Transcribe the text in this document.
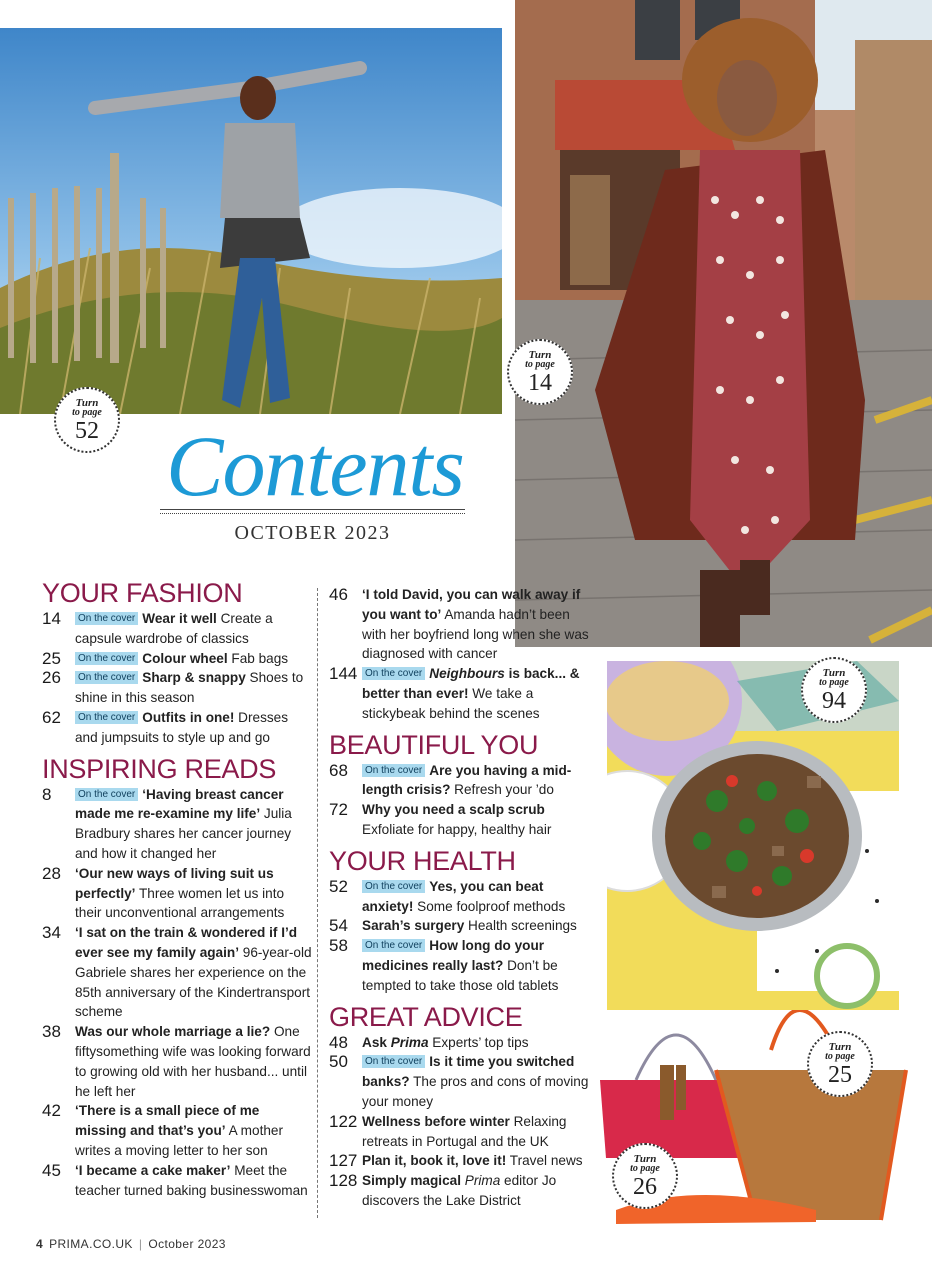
Turn
to page
52
Turn
to page
14
Turn
to page
94
Turn
to page
25
Turn
to page
26
Contents
OCTOBER 2023
YOUR FASHION
14	On the cover Wear it well Create a capsule wardrobe of classics
25	On the cover Colour wheel Fab bags
26	On the cover Sharp & snappy Shoes to shine in this season
62	On the cover Outfits in one! Dresses and jumpsuits to style up and go
INSPIRING READS
8	On the cover ‘Having breast cancer made me re-examine my life’ Julia Bradbury shares her cancer journey and how it changed her
28	‘Our new ways of living suit us perfectly’ Three women let us into their unconventional arrangements
34	‘I sat on the train & wondered if I’d ever see my family again’ 96-year-old Gabriele shares her experience on the 85th anniversary of the Kindertransport scheme
38	Was our whole marriage a lie? One fiftysomething wife was looking forward to growing old with her husband... until he left her
42	‘There is a small piece of me missing and that’s you’ A mother writes a moving letter to her son
45	‘I became a cake maker’ Meet the teacher turned baking businesswoman
46	‘I told David, you can walk away if you want to’ Amanda hadn’t been with her boyfriend long when she was diagnosed with cancer
144 On the cover Neighbours is back... & better than ever! We take a stickybeak behind the scenes
BEAUTIFUL YOU
68	On the cover Are you having a mid-length crisis? Refresh your ’do
72	Why you need a scalp scrub Exfoliate for happy, healthy hair
YOUR HEALTH
52	On the cover Yes, you can beat anxiety! Some foolproof methods
54	Sarah’s surgery Health screenings
58	On the cover How long do your medicines really last? Don’t be tempted to take those old tablets
GREAT ADVICE
48	Ask Prima Experts’ top tips
50	On the cover Is it time you switched banks? The pros and cons of moving your money
122 Wellness before winter Relaxing retreats in Portugal and the UK
127 Plan it, book it, love it! Travel news
128 Simply magical Prima editor Jo discovers the Lake District
4 PRIMA.CO.UK | October 2023
